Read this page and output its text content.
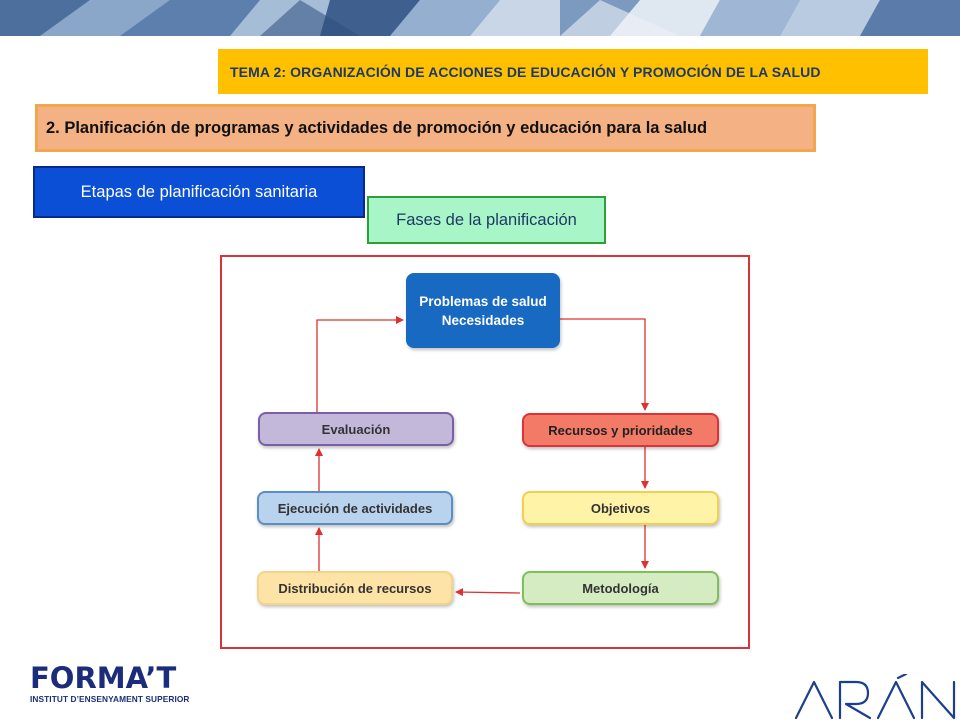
TEMA 2: ORGANIZACIÓN DE ACCIONES DE EDUCACIÓN Y PROMOCIÓN DE LA SALUD
2. Planificación de programas y actividades de promoción y educación para la salud
Etapas de planificación sanitaria
Fases de la planificación
Problemas de salud
Necesidades
Recursos y prioridades
Objetivos
Metodología
Distribución de recursos
Ejecución de actividades
Evaluación
FORMA’T
INSTITUT D’ENSENYAMENT SUPERIOR
